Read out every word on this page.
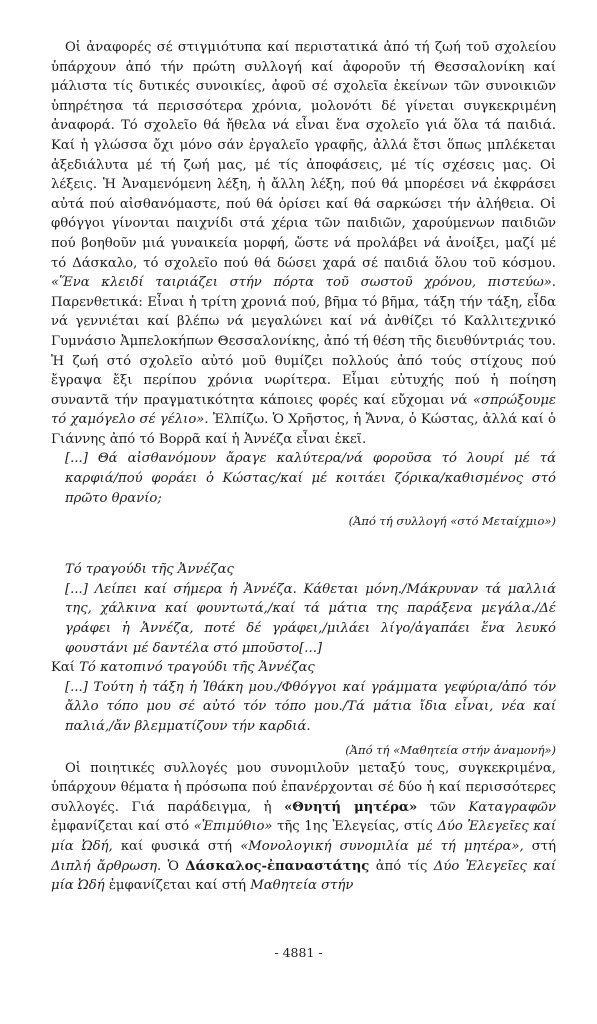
Οἱ ἀναφορές σέ στιγμιότυπα καί περιστατικά ἀπό τή ζωή τοῦ σχολείου ὑπάρχουν ἀπό τήν πρώτη συλλογή καί ἀφοροῦν τή Θεσσαλονίκη καί μάλιστα τίς δυτικές συνοικίες, ἀφοῦ σέ σχολεῖα ἐκείνων τῶν συνοικιῶν ὑπηρέτησα τά περισσότερα χρόνια, μολονότι δέ γίνεται συγκεκριμένη ἀναφορά. Τό σχολεῖο θά ἤθελα νά εἶναι ἕνα σχολεῖο γιά ὅλα τά παιδιά. Καί ἡ γλώσσα ὄχι μόνο σάν ἐργαλεῖο γραφῆς, ἀλλά ἔτσι ὅπως μπλέκεται ἀξεδιάλυτα μέ τή ζωή μας, μέ τίς ἀποφάσεις, μέ τίς σχέσεις μας. Οἱ λέξεις. Ἡ Ἀναμενόμενη λέξη, ἡ ἄλλη λέξη, πού θά μπορέσει νά ἐκφράσει αὐτά πού αἰσθανόμαστε, πού θά ὁρίσει καί θά σαρκώσει τήν ἀλήθεια. Οἱ φθόγγοι γίνονται παιχνίδι στά χέρια τῶν παιδιῶν, χαρούμενων παιδιῶν πού βοηθοῦν μιά γυναικεία μορφή, ὥστε νά προλάβει νά ἀνοίξει, μαζί μέ τό Δάσκαλο, τό σχολεῖο πού θά δώσει χαρά σέ παιδιά ὅλου τοῦ κόσμου. «Ἕνα κλειδί ταιριάζει στήν πόρτα τοῦ σωστοῦ χρόνου, πιστεύω». Παρενθετικά: Εἶναι ἡ τρίτη χρονιά πού, βῆμα τό βῆμα, τάξη τήν τάξη, εἶδα νά γεννιέται καί βλέπω νά μεγαλώνει καί νά ἀνθίζει τό Καλλιτεχνικό Γυμνάσιο Ἀμπελοκήπων Θεσσαλονίκης, ἀπό τή θέση τῆς διευθύντριάς του. Ἡ ζωή στό σχολεῖο αὐτό μοῦ θυμίζει πολλούς ἀπό τούς στίχους πού ἔγραψα ἔξι περίπου χρόνια νωρίτερα. Εἶμαι εὐτυχής πού ἡ ποίηση συναντᾶ τήν πραγματικότητα κάποιες φορές καί εὔχομαι νά «σπρώξουμε τό χαμόγελο σέ γέλιο». Ἐλπίζω. Ὁ Χρῆστος, ἡ Ἄννα, ὁ Κώστας, ἀλλά καί ὁ Γιάννης ἀπό τό Βορρᾶ καί ἡ Ἀννέζα εἶναι ἐκεῖ.

[...] Θά αἰσθανόμουν ἄραγε καλύτερα/νά φοροῦσα τό λουρί μέ τά καρφιά/πού φοράει ὁ Κώστας/καί μέ κοιτάει ζόρικα/καθισμένος στό πρῶτο θρανίο;

(Ἀπό τή συλλογή «στό Μεταίχμιο»)

Τό τραγούδι τῆς Ἀννέζας

[...] Λείπει καί σήμερα ἡ Ἀννέζα. Κάθεται μόνη./Μάκρυναν τά μαλλιά της, χάλκινα καί φουντωτά,/καί τά μάτια της παράξενα μεγάλα./Δέ γράφει ἡ Ἀννέζα, ποτέ δέ γράφει,/μιλάει λίγο/ἀγαπάει ἕνα λευκό φουστάνι μέ δαντέλα στό μποῦστο[...]

Καί Τό κατοπινό τραγούδι τῆς Ἀννέζας

[...] Τούτη ἡ τάξη ἡ Ἰθάκη μου./Φθόγγοι καί γράμματα γεφύρια/ἀπό τόν ἄλλο τόπο μου σέ αὐτό τόν τόπο μου./Τά μάτια ἴδια εἶναι, νέα καί παλιά,/ἄν βλεμματίζουν τήν καρδιά.

(Ἀπό τή «Μαθητεία στήν ἀναμονή»)

Οἱ ποιητικές συλλογές μου συνομιλοῦν μεταξύ τους, συγκεκριμένα, ὑπάρχουν θέματα ἡ πρόσωπα πού ἐπανέρχονται σέ δύο ἡ καί περισσότερες συλλογές. Γιά παράδειγμα, ἡ «Θνητή μητέρα» τῶν Καταγραφῶν ἐμφανίζεται καί στό «Ἐπιμύθιο» τῆς 1ης Ἐλεγείας, στίς Δύο Ἐλεγεῖες καί μία Ὠδή, καί φυσικά στή «Μονολογική συνομιλία μέ τή μητέρα», στή Διπλή ἄρθρωση. Ὁ Δάσκαλος-ἐπαναστάτης ἀπό τίς Δύο Ἐλεγεῖες καί μία Ὠδή ἐμφανίζεται καί στή Μαθητεία στήν

- 4881 -
